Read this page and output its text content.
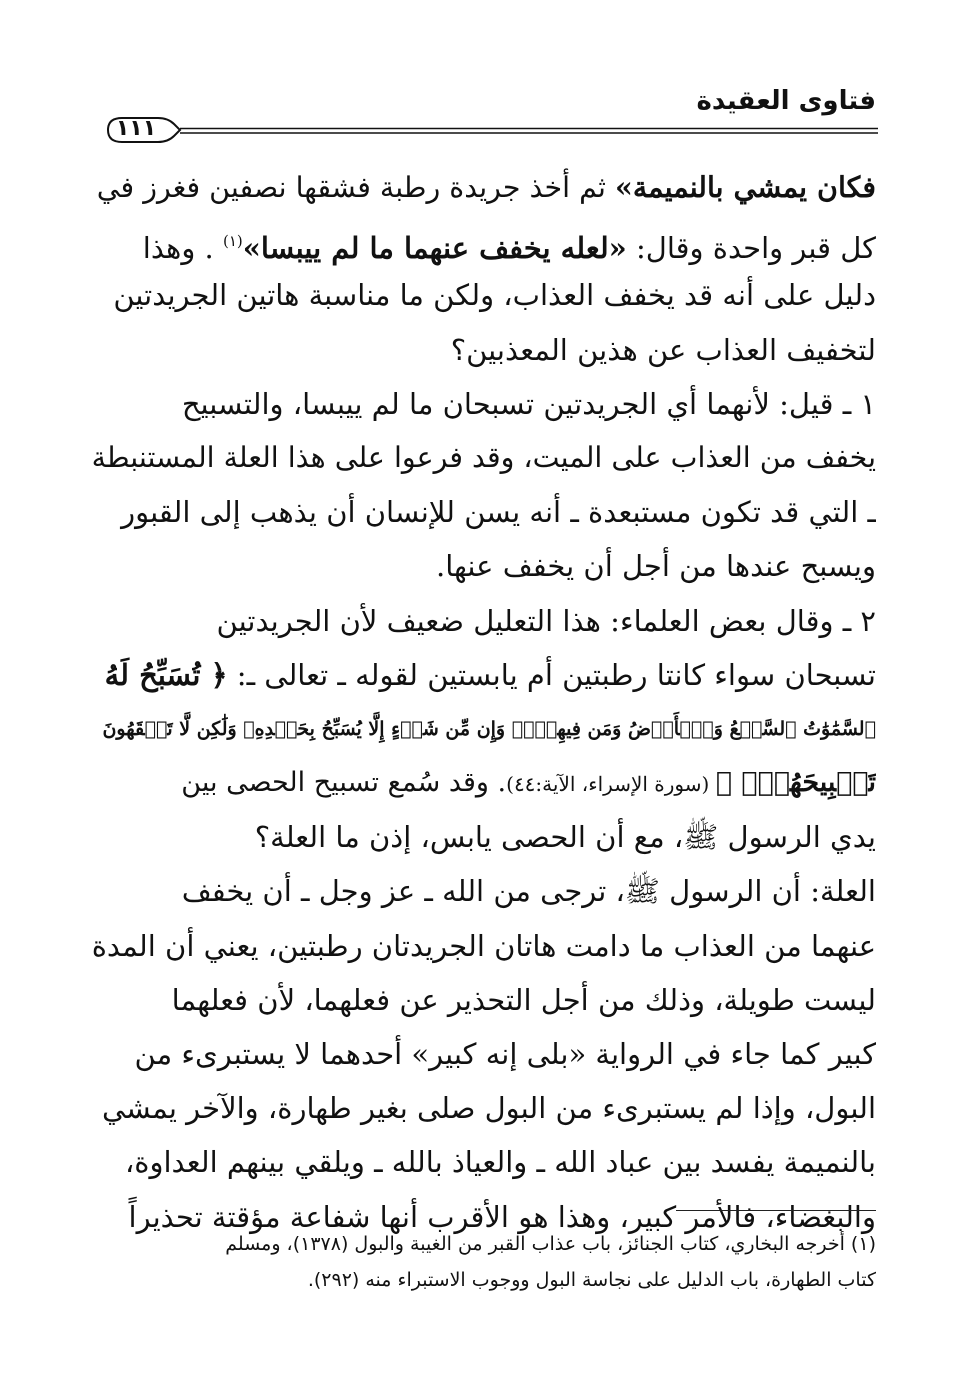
فتاوى العقيدة
١١١
فكان يمشي بالنميمة» ثم أخذ جريدة رطبة فشقها نصفين فغرز في
كل قبر واحدة وقال: «لعله يخفف عنهما ما لم ييبسا»$^{(١)}$ . وهذا
دليل على أنه قد يخفف العذاب، ولكن ما مناسبة هاتين الجريدتين
لتخفيف العذاب عن هذين المعذبين؟
١ ـ قيل: لأنهما أي الجريدتين تسبحان ما لم ييبسا، والتسبيح
يخفف من العذاب على الميت، وقد فرعوا على هذا العلة المستنبطة
ـ التي قد تكون مستبعدة ـ أنه يسن للإنسان أن يذهب إلى القبور
ويسبح عندها من أجل أن يخفف عنها.
٢ ـ وقال بعض العلماء: هذا التعليل ضعيف لأن الجريدتين
تسبحان سواء كانتا رطبتين أم يابستين لقوله ـ تعالى ـ: ﴿ تُسَبِّحُ لَهُ
ٱلسَّمَٰوَٰتُ ٱلسَّبۡعُ وَٱلۡأَرۡضُ وَمَن فِيهِنَّۚ وَإِن مِّن شَيۡءٍ إِلَّا يُسَبِّحُ بِحَمۡدِهِۦ وَلَٰكِن لَّا تَفۡقَهُونَ
تَسۡبِيحَهُمۡۚ ﴾ (سورة الإسراء، الآية:٤٤). وقد سُمع تسبيح الحصى بين
يدي الرسول ﷺ، مع أن الحصى يابس، إذن ما العلة؟
العلة: أن الرسول ﷺ، ترجى من الله ـ عز وجل ـ أن يخفف
عنهما من العذاب ما دامت هاتان الجريدتان رطبتين، يعني أن المدة
ليست طويلة، وذلك من أجل التحذير عن فعلهما، لأن فعلهما
كبير كما جاء في الرواية «بلى إنه كبير» أحدهما لا يستبرىء من
البول، وإذا لم يستبرىء من البول صلى بغير طهارة، والآخر يمشي
بالنميمة يفسد بين عباد الله ـ والعياذ بالله ـ ويلقي بينهم العداوة،
والبغضاء، فالأمر كبير، وهذا هو الأقرب أنها شفاعة مؤقتة تحذيراً
(١) أخرجه البخاري، كتاب الجنائز، باب عذاب القبر من الغيبة والبول (١٣٧٨)، ومسلم
كتاب الطهارة، باب الدليل على نجاسة البول ووجوب الاستبراء منه (٢٩٢).
